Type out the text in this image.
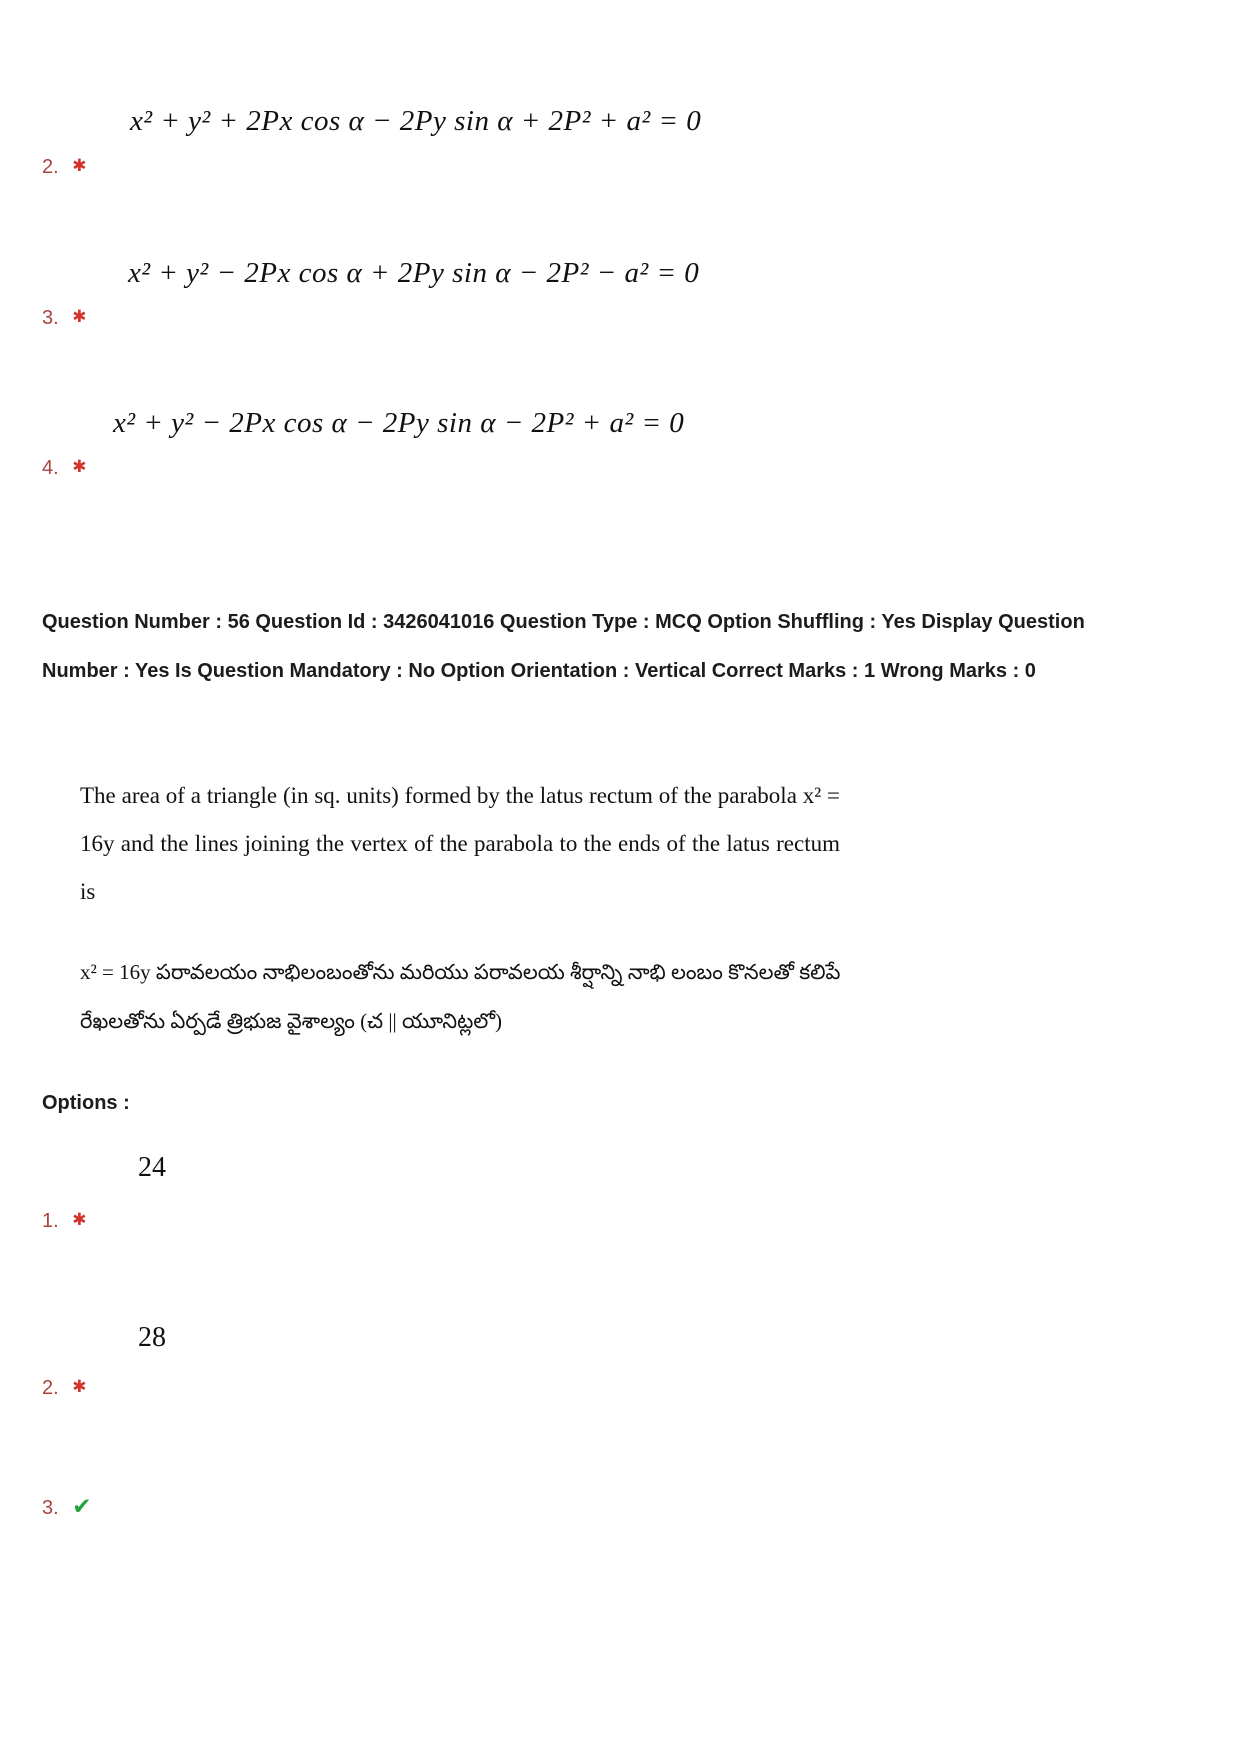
x² + y² + 2Px cos α − 2Py sin α + 2P² + a² = 0
2. ✱
x² + y² − 2Px cos α + 2Py sin α − 2P² − a² = 0
3. ✱
x² + y² − 2Px cos α − 2Py sin α − 2P² + a² = 0
4. ✱

Question Number : 56 Question Id : 3426041016 Question Type : MCQ Option Shuffling : Yes Display Question Number : Yes Is Question Mandatory : No Option Orientation : Vertical Correct Marks : 1 Wrong Marks : 0

The area of a triangle (in sq. units) formed by the latus rectum of the parabola x² = 16y and the lines joining the vertex of the parabola to the ends of the latus rectum is
x² = 16y పరావలయం నాభిలంబంతోను మరియు పరావలయ శీర్షాన్ని నాభి లంబం కొనలతో కలిపే రేఖలతోను ఏర్పడే త్రిభుజ వైశాల్యం (చ || యూనిట్లలో)

Options :

24
1. ✱
28
2. ✱
3. ✔
